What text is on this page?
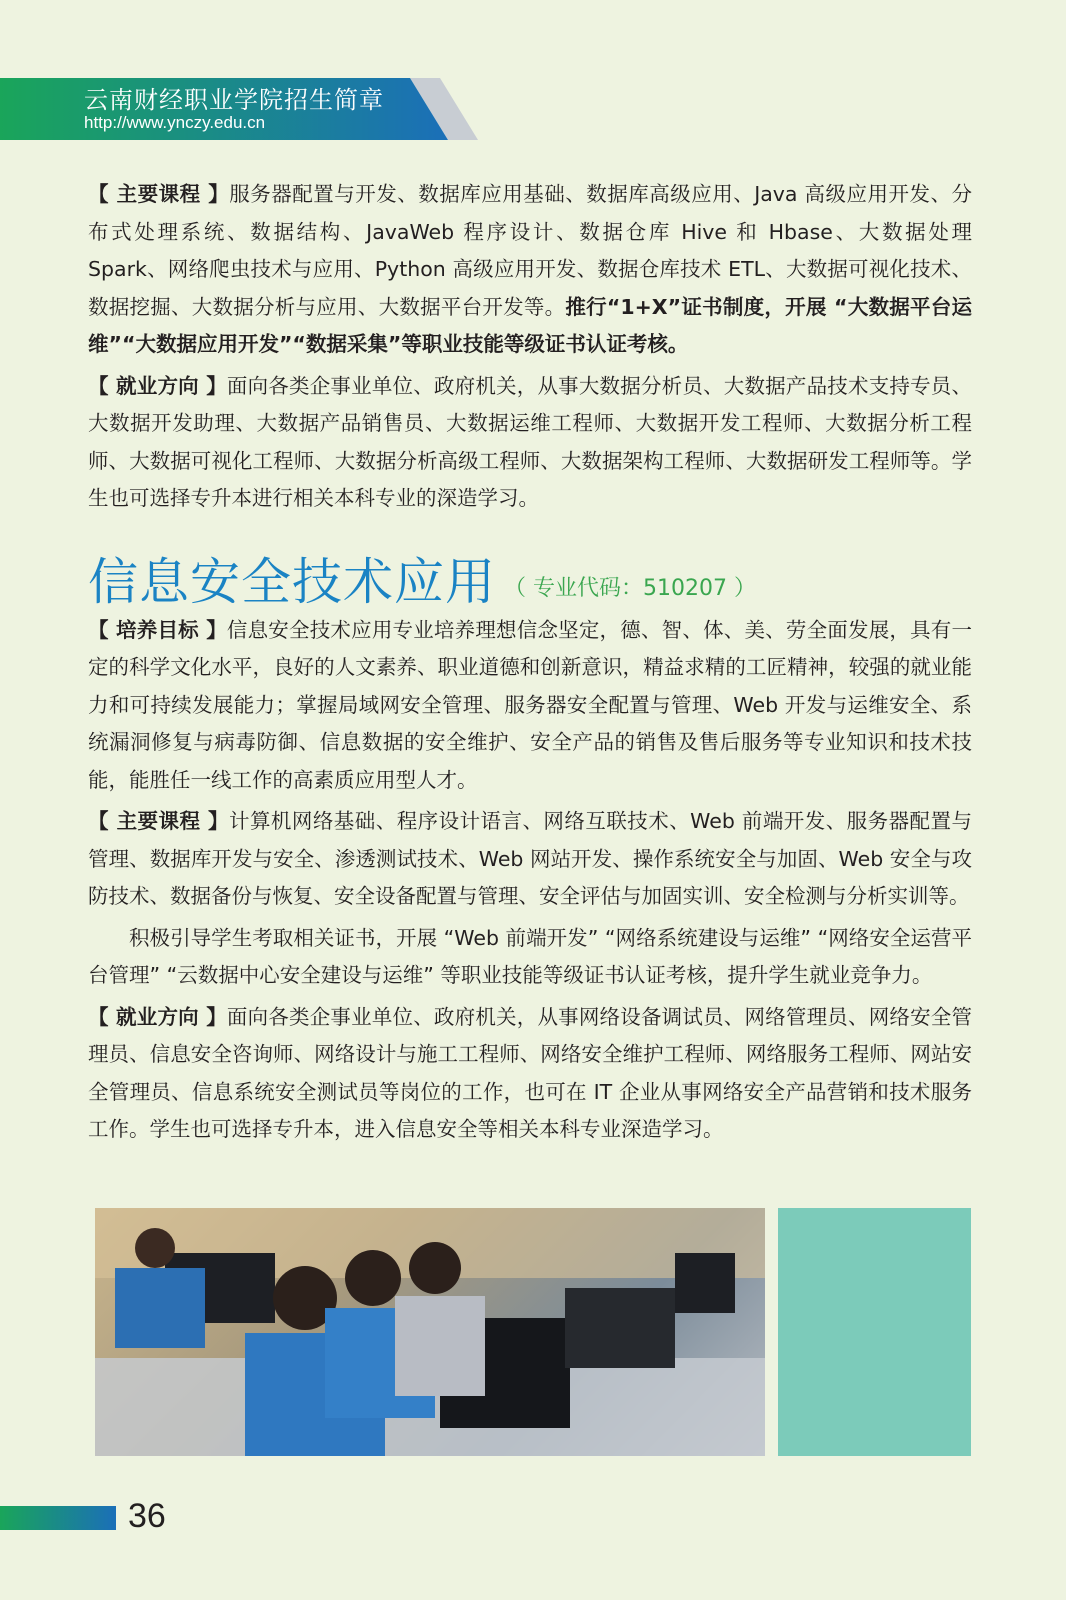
云南财经职业学院招生简章
http://www.ynczy.edu.cn

【 主要课程 】服务器配置与开发、数据库应用基础、数据库高级应用、Java 高级应用开发、分布式处理系统、数据结构、JavaWeb 程序设计、数据仓库 Hive 和 Hbase、大数据处理 Spark、网络爬虫技术与应用、Python 高级应用开发、数据仓库技术 ETL、大数据可视化技术、数据挖掘、大数据分析与应用、大数据平台开发等。推行“1+X”证书制度，开展 “大数据平台运维”“大数据应用开发”“数据采集”等职业技能等级证书认证考核。

【 就业方向 】面向各类企事业单位、政府机关，从事大数据分析员、大数据产品技术支持专员、大数据开发助理、大数据产品销售员、大数据运维工程师、大数据开发工程师、大数据分析工程师、大数据可视化工程师、大数据分析高级工程师、大数据架构工程师、大数据研发工程师等。学生也可选择专升本进行相关本科专业的深造学习。

信息安全技术应用 （ 专业代码：510207 ）

【 培养目标 】信息安全技术应用专业培养理想信念坚定，德、智、体、美、劳全面发展，具有一定的科学文化水平，良好的人文素养、职业道德和创新意识，精益求精的工匠精神，较强的就业能力和可持续发展能力；掌握局域网安全管理、服务器安全配置与管理、Web 开发与运维安全、系统漏洞修复与病毒防御、信息数据的安全维护、安全产品的销售及售后服务等专业知识和技术技能，能胜任一线工作的高素质应用型人才。

【 主要课程 】计算机网络基础、程序设计语言、网络互联技术、Web 前端开发、服务器配置与管理、数据库开发与安全、渗透测试技术、Web 网站开发、操作系统安全与加固、Web 安全与攻防技术、数据备份与恢复、安全设备配置与管理、安全评估与加固实训、安全检测与分析实训等。

积极引导学生考取相关证书，开展 “Web 前端开发” “网络系统建设与运维” “网络安全运营平台管理” “云数据中心安全建设与运维” 等职业技能等级证书认证考核，提升学生就业竞争力。

【 就业方向 】面向各类企事业单位、政府机关，从事网络设备调试员、网络管理员、网络安全管理员、信息安全咨询师、网络设计与施工工程师、网络安全维护工程师、网络服务工程师、网站安全管理员、信息系统安全测试员等岗位的工作，也可在 IT 企业从事网络安全产品营销和技术服务工作。学生也可选择专升本，进入信息安全等相关本科专业深造学习。

36
